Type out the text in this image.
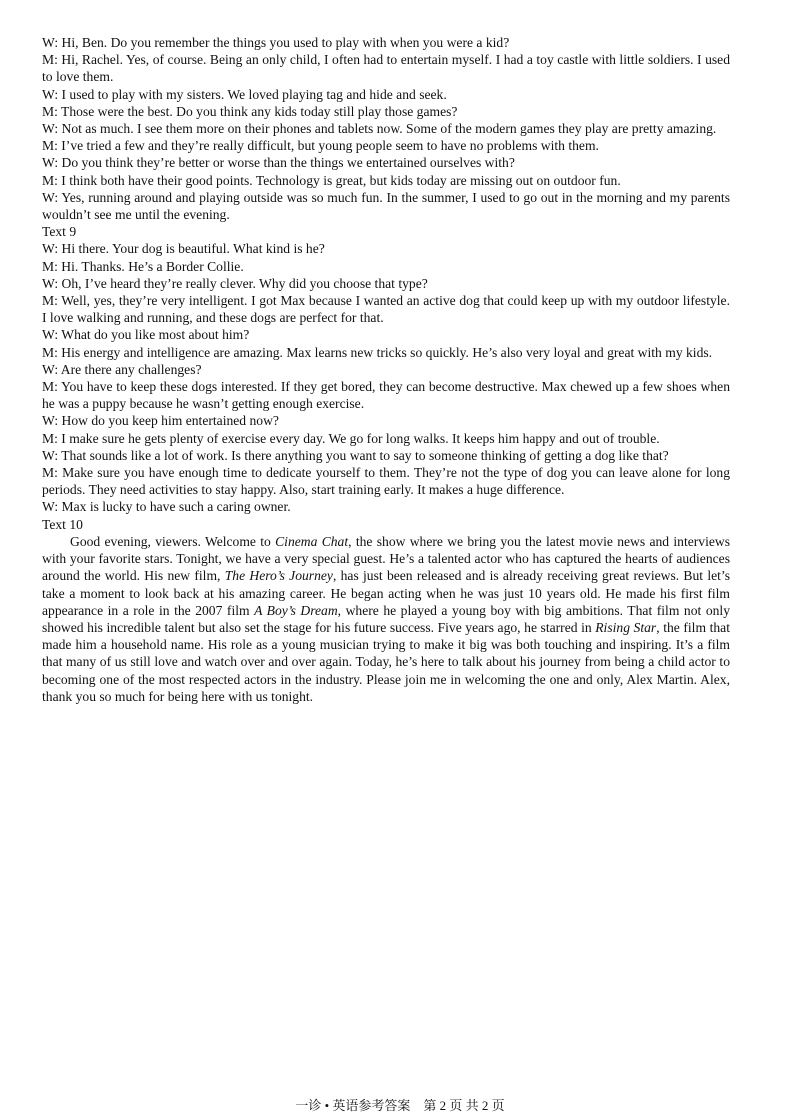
W: Hi, Ben. Do you remember the things you used to play with when you were a kid?

M: Hi, Rachel. Yes, of course. Being an only child, I often had to entertain myself. I had a toy castle with little soldiers. I used to love them.

W: I used to play with my sisters. We loved playing tag and hide and seek.

M: Those were the best. Do you think any kids today still play those games?

W: Not as much. I see them more on their phones and tablets now. Some of the modern games they play are pretty amazing.

M: I’ve tried a few and they’re really difficult, but young people seem to have no problems with them.

W: Do you think they’re better or worse than the things we entertained ourselves with?

M: I think both have their good points. Technology is great, but kids today are missing out on outdoor fun.

W: Yes, running around and playing outside was so much fun. In the summer, I used to go out in the morning and my parents wouldn’t see me until the evening.

Text 9

W: Hi there. Your dog is beautiful. What kind is he?

M: Hi. Thanks. He’s a Border Collie.

W: Oh, I’ve heard they’re really clever. Why did you choose that type?

M: Well, yes, they’re very intelligent. I got Max because I wanted an active dog that could keep up with my outdoor lifestyle. I love walking and running, and these dogs are perfect for that.

W: What do you like most about him?

M: His energy and intelligence are amazing. Max learns new tricks so quickly. He’s also very loyal and great with my kids.

W: Are there any challenges?

M: You have to keep these dogs interested. If they get bored, they can become destructive. Max chewed up a few shoes when he was a puppy because he wasn’t getting enough exercise.

W: How do you keep him entertained now?

M: I make sure he gets plenty of exercise every day. We go for long walks. It keeps him happy and out of trouble.

W: That sounds like a lot of work. Is there anything you want to say to someone thinking of getting a dog like that?

M: Make sure you have enough time to dedicate yourself to them. They’re not the type of dog you can leave alone for long periods. They need activities to stay happy. Also, start training early. It makes a huge difference.

W: Max is lucky to have such a caring owner.

Text 10

Good evening, viewers. Welcome to Cinema Chat, the show where we bring you the latest movie news and interviews with your favorite stars. Tonight, we have a very special guest. He’s a talented actor who has captured the hearts of audiences around the world. His new film, The Hero’s Journey, has just been released and is already receiving great reviews. But let’s take a moment to look back at his amazing career. He began acting when he was just 10 years old. He made his first film appearance in a role in the 2007 film A Boy’s Dream, where he played a young boy with big ambitions. That film not only showed his incredible talent but also set the stage for his future success. Five years ago, he starred in Rising Star, the film that made him a household name. His role as a young musician trying to make it big was both touching and inspiring. It’s a film that many of us still love and watch over and over again. Today, he’s here to talk about his journey from being a child actor to becoming one of the most respected actors in the industry. Please join me in welcoming the one and only, Alex Martin. Alex, thank you so much for being here with us tonight.

一诊 • 英语参考答案　第 2 页 共 2 页
